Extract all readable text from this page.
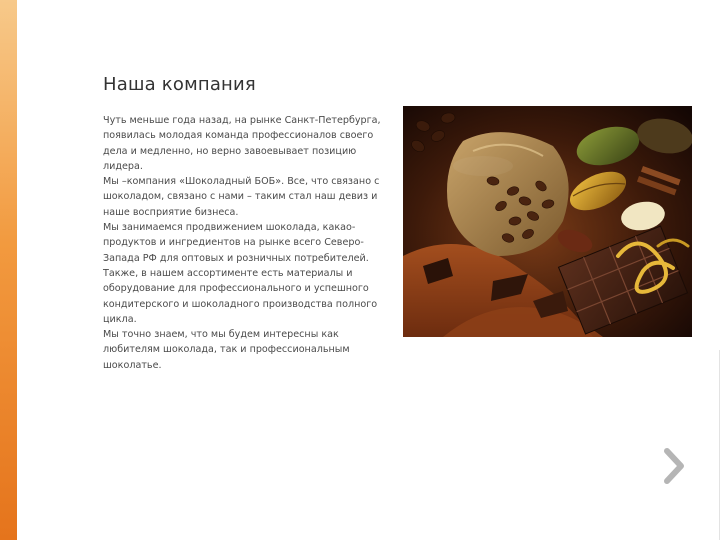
Наша компания

Чуть меньше года назад, на рынке Санкт-Петербурга, появилась молодая команда профессионалов своего дела и медленно, но верно завоевывает позицию лидера.

Мы –компания «Шоколадный БОБ». Все, что связано с шоколадом, связано с нами – таким стал наш девиз и наше восприятие бизнеса.

Мы занимаемся продвижением шоколада, какао-продуктов и ингредиентов на рынке всего Северо-Запада РФ для оптовых и розничных потребителей. Также, в нашем ассортименте есть материалы и оборудование для профессионального и успешного кондитерского и шоколадного производства полного цикла.

Мы точно знаем, что мы будем интересны как любителям шоколада, так и профессиональным шоколатье.
